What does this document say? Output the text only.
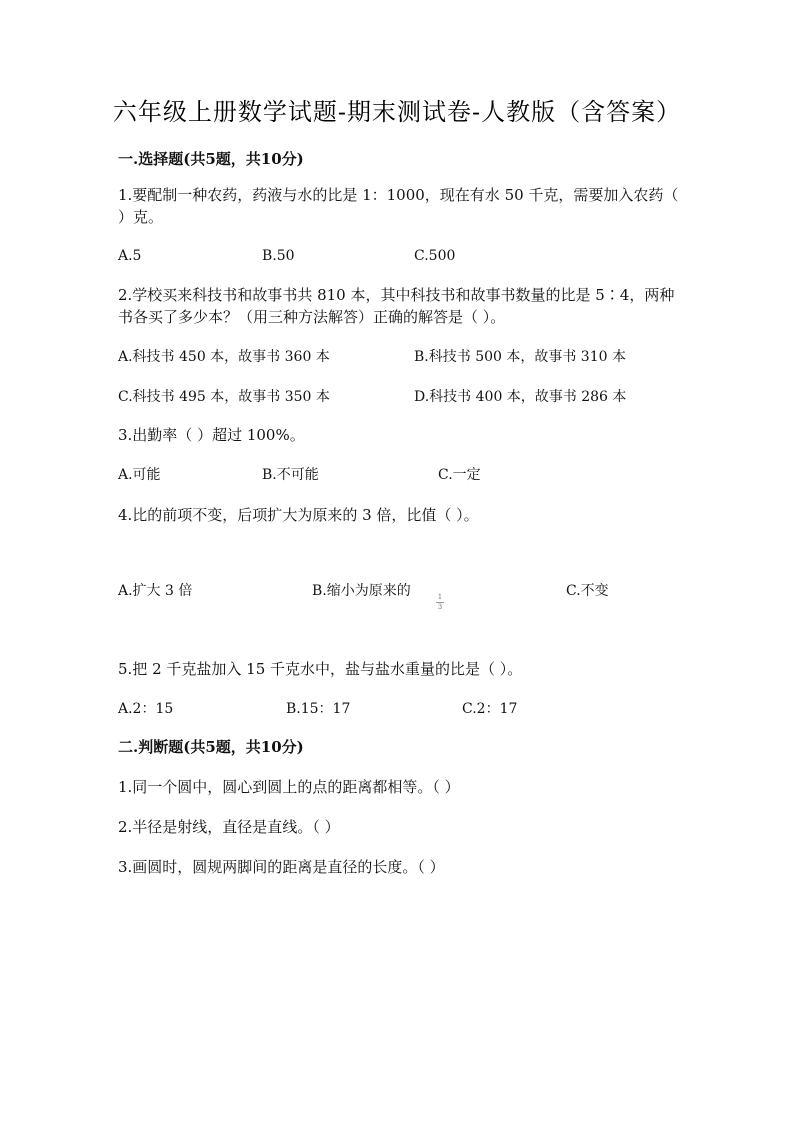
六年级上册数学试题-期末测试卷-人教版（含答案）
一.选择题(共5题，共10分)
1.要配制一种农药，药液与水的比是 1：1000，现在有水 50 千克，需要加入农药（ ）克。
A.5	B.50	C.500
2.学校买来科技书和故事书共 810 本，其中科技书和故事书数量的比是 5∶4，两种书各买了多少本？（用三种方法解答）正确的解答是（ ）。
A.科技书 450 本，故事书 360 本	B.科技书 500 本，故事书 310 本
C.科技书 495 本，故事书 350 本	D.科技书 400 本，故事书 286 本
3.出勤率（ ）超过 100%。
A.可能	B.不可能	C.一定
4.比的前项不变，后项扩大为原来的 3 倍，比值（ ）。
A.扩大 3 倍	B.缩小为原来的	1
3
C.不变
5.把 2 千克盐加入 15 千克水中，盐与盐水重量的比是（ ）。
A.2：15	B.15：17	C.2：17
二.判断题(共5题，共10分)
1.同一个圆中，圆心到圆上的点的距离都相等。（ ）
2.半径是射线，直径是直线。（ ）
3.画圆时，圆规两脚间的距离是直径的长度。（ ）
